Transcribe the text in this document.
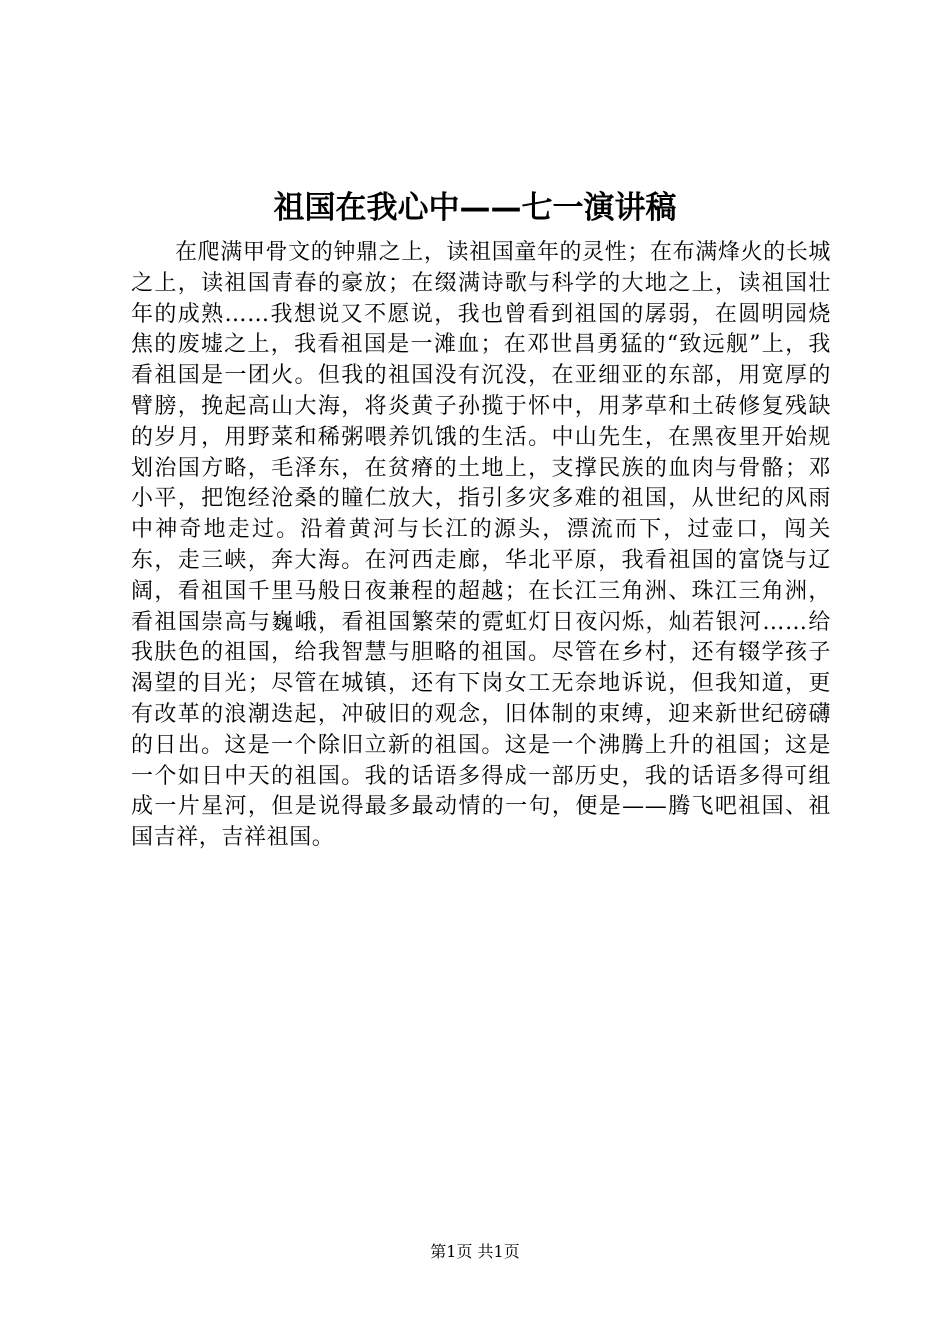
祖国在我心中——七一演讲稿

在爬满甲骨文的钟鼎之上，读祖国童年的灵性；在布满烽火的长城之上，读祖国青春的豪放；在缀满诗歌与科学的大地之上，读祖国壮年的成熟……我想说又不愿说，我也曾看到祖国的孱弱，在圆明园烧焦的废墟之上，我看祖国是一滩血；在邓世昌勇猛的“致远舰”上，我看祖国是一团火。但我的祖国没有沉没，在亚细亚的东部，用宽厚的臂膀，挽起高山大海，将炎黄子孙揽于怀中，用茅草和土砖修复残缺的岁月，用野菜和稀粥喂养饥饿的生活。中山先生，在黑夜里开始规划治国方略，毛泽东，在贫瘠的土地上，支撑民族的血肉与骨骼；邓小平，把饱经沧桑的瞳仁放大，指引多灾多难的祖国，从世纪的风雨中神奇地走过。沿着黄河与长江的源头，漂流而下，过壶口，闯关东，走三峡，奔大海。在河西走廊，华北平原，我看祖国的富饶与辽阔，看祖国千里马般日夜兼程的超越；在长江三角洲、珠江三角洲，看祖国崇高与巍峨，看祖国繁荣的霓虹灯日夜闪烁，灿若银河……给我肤色的祖国，给我智慧与胆略的祖国。尽管在乡村，还有辍学孩子渴望的目光；尽管在城镇，还有下岗女工无奈地诉说，但我知道，更有改革的浪潮迭起，冲破旧的观念，旧体制的束缚，迎来新世纪磅礴的日出。这是一个除旧立新的祖国。这是一个沸腾上升的祖国；这是一个如日中天的祖国。我的话语多得成一部历史，我的话语多得可组成一片星河，但是说得最多最动情的一句，便是——腾飞吧祖国、祖国吉祥，吉祥祖国。

第1页 共1页
